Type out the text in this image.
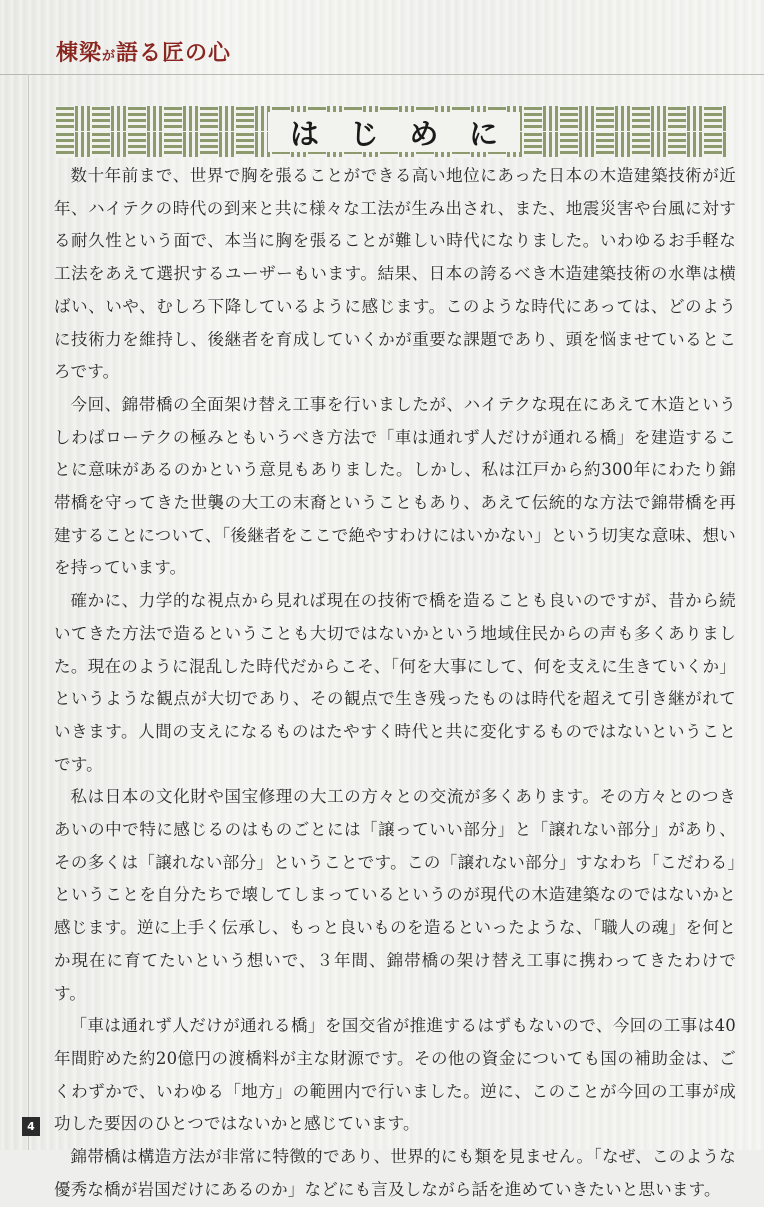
棟梁が語る匠の心
は じ め に

数十年前まで、世界で胸を張ることができる高い地位にあった日本の木造建築技術が近年、ハイテクの時代の到来と共に様々な工法が生み出され、また、地震災害や台風に対する耐久性という面で、本当に胸を張ることが難しい時代になりました。いわゆるお手軽な工法をあえて選択するユーザーもいます。結果、日本の誇るべき木造建築技術の水準は横ばい、いや、むしろ下降しているように感じます。このような時代にあっては、どのように技術力を維持し、後継者を育成していくかが重要な課題であり、頭を悩ませているところです。

今回、錦帯橋の全面架け替え工事を行いましたが、ハイテクな現在にあえて木造というしわばローテクの極みともいうべき方法で「車は通れず人だけが通れる橋」を建造することに意味があるのかという意見もありました。しかし、私は江戸から約300年にわたり錦帯橋を守ってきた世襲の大工の末裔ということもあり、あえて伝統的な方法で錦帯橋を再建することについて、「後継者をここで絶やすわけにはいかない」という切実な意味、想いを持っています。

確かに、力学的な視点から見れば現在の技術で橋を造ることも良いのですが、昔から続いてきた方法で造るということも大切ではないかという地域住民からの声も多くありました。現在のように混乱した時代だからこそ、「何を大事にして、何を支えに生きていくか」というような観点が大切であり、その観点で生き残ったものは時代を超えて引き継がれていきます。人間の支えになるものはたやすく時代と共に変化するものではないということです。

私は日本の文化財や国宝修理の大工の方々との交流が多くあります。その方々とのつきあいの中で特に感じるのはものごとには「譲っていい部分」と「譲れない部分」があり、その多くは「譲れない部分」ということです。この「譲れない部分」すなわち「こだわる」ということを自分たちで壊してしまっているというのが現代の木造建築なのではないかと感じます。逆に上手く伝承し、もっと良いものを造るといったような、「職人の魂」を何とか現在に育てたいという想いで、３年間、錦帯橋の架け替え工事に携わってきたわけです。

「車は通れず人だけが通れる橋」を国交省が推進するはずもないので、今回の工事は40年間貯めた約20億円の渡橋料が主な財源です。その他の資金についても国の補助金は、ごくわずかで、いわゆる「地方」の範囲内で行いました。逆に、このことが今回の工事が成功した要因のひとつではないかと感じています。

錦帯橋は構造方法が非常に特徴的であり、世界的にも類を見ません。「なぜ、このような優秀な橋が岩国だけにあるのか」などにも言及しながら話を進めていきたいと思います。

4
